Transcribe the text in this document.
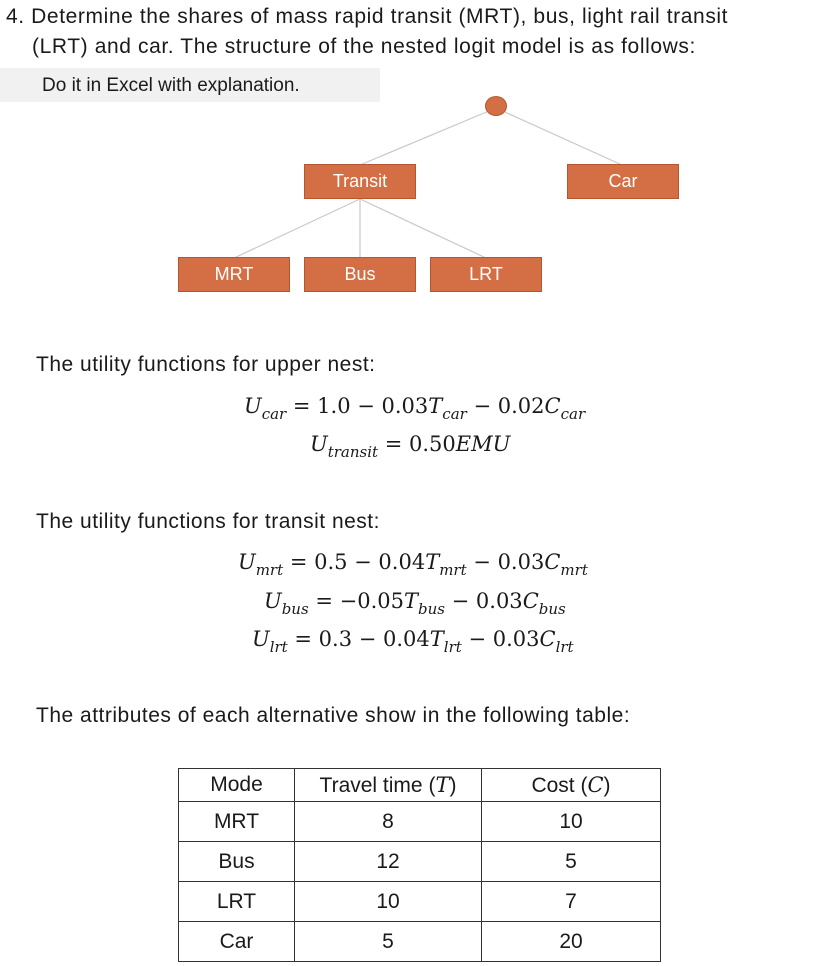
4. Determine the shares of mass rapid transit (MRT), bus, light rail transit
(LRT) and car. The structure of the nested logit model is as follows:
Do it in Excel with explanation.
Transit	Car
MRT	Bus	LRT
The utility functions for upper nest:
$U_{car} = 1.0 - 0.03T_{car} - 0.02C_{car}$
$U_{transit} = 0.50EMU$
The utility functions for transit nest:
$U_{mrt} = 0.5 - 0.04T_{mrt} - 0.03C_{mrt}$
$U_{bus} = -0.05T_{bus} - 0.03C_{bus}$
$U_{lrt} = 0.3 - 0.04T_{lrt} - 0.03C_{lrt}$
The attributes of each alternative show in the following table:
Mode	Travel time (T)	Cost (C)
MRT	8	10
Bus	12	5
LRT	10	7
Car	5	20
